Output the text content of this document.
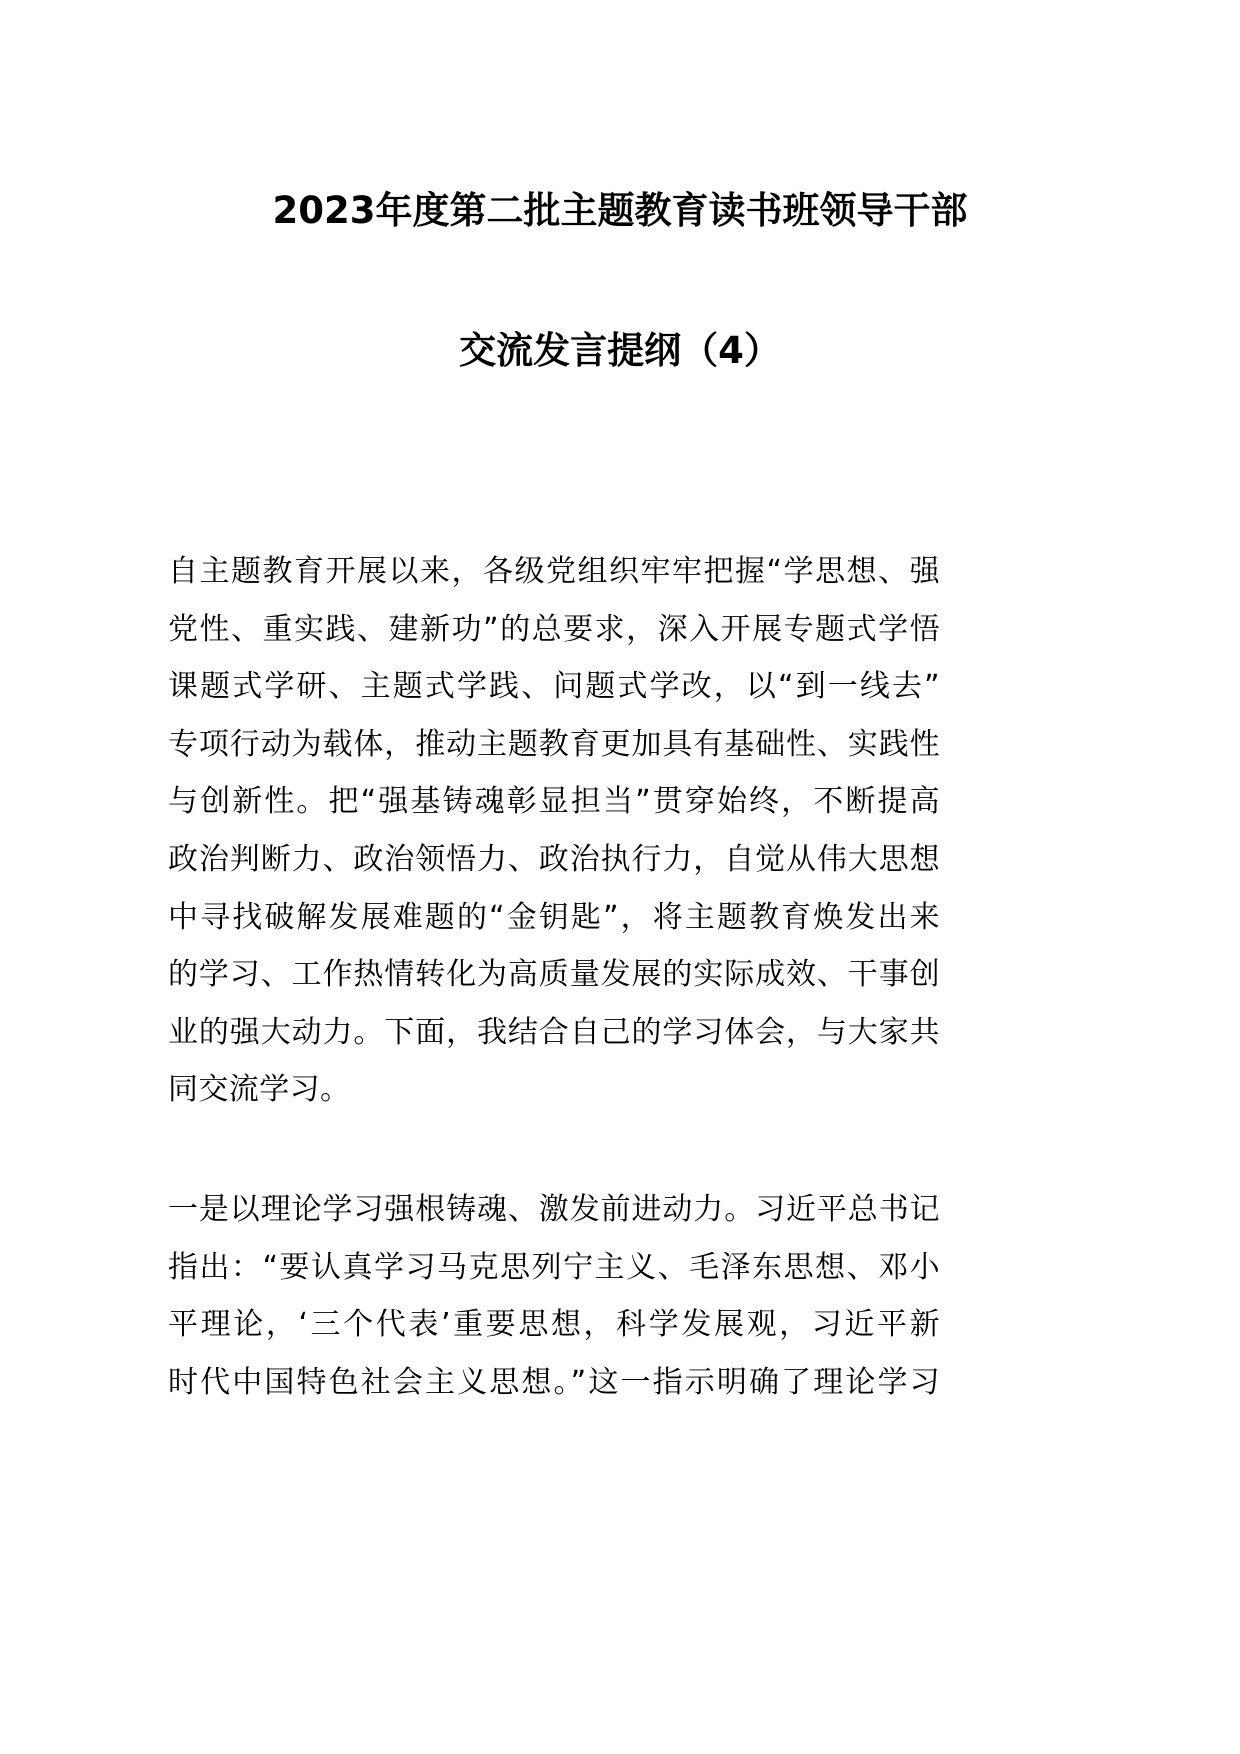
2023年度第二批主题教育读书班领导干部
交流发言提纲（4）
自主题教育开展以来，各级党组织牢牢把握“学思想、强
党性、重实践、建新功”的总要求，深入开展专题式学悟
课题式学研、主题式学践、问题式学改，以“到一线去”
专项行动为载体，推动主题教育更加具有基础性、实践性
与创新性。把“强基铸魂彰显担当”贯穿始终，不断提高
政治判断力、政治领悟力、政治执行力，自觉从伟大思想
中寻找破解发展难题的“金钥匙”，将主题教育焕发出来
的学习、工作热情转化为高质量发展的实际成效、干事创
业的强大动力。下面，我结合自己的学习体会，与大家共
同交流学习。
一是以理论学习强根铸魂、激发前进动力。习近平总书记
指出：“要认真学习马克思列宁主义、毛泽东思想、邓小
平理论，‘三个代表’重要思想，科学发展观，习近平新
时代中国特色社会主义思想。”这一指示明确了理论学习
